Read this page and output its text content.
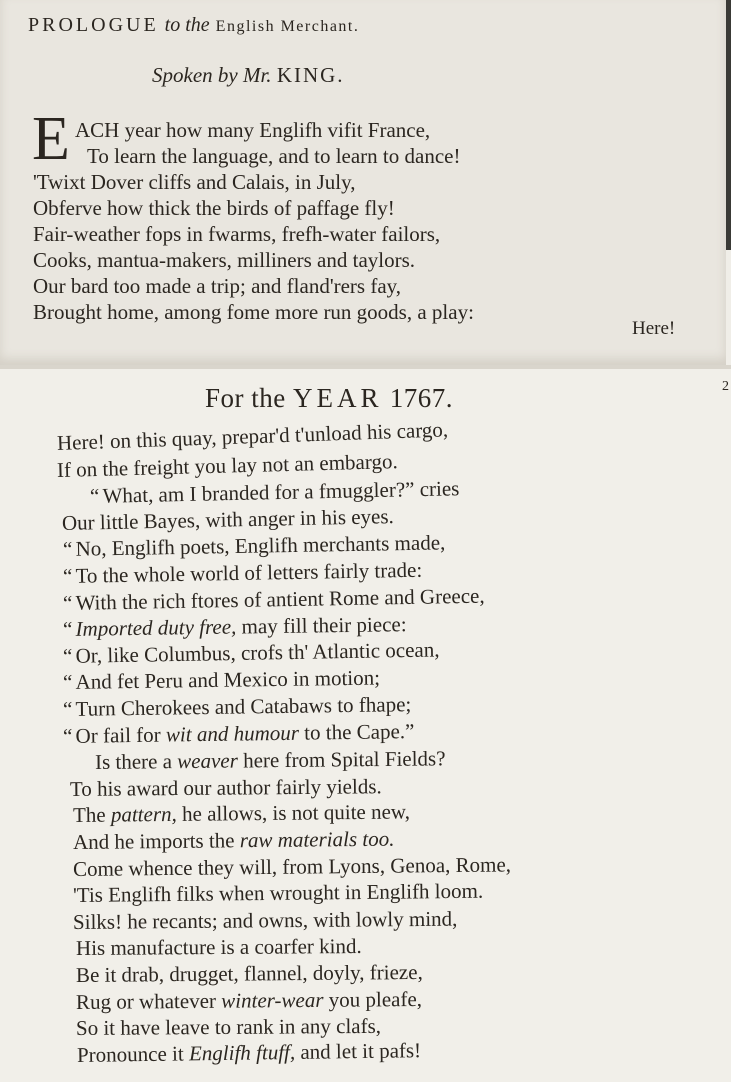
PROLOGUE to the English Merchant.
Spoken by Mr. KING.
E ACH year how many Englifh vifit France,
To learn the language, and to learn to dance!
'Twixt Dover cliffs and Calais, in July,
Obferve how thick the birds of paffage fly!
Fair-weather fops in fwarms, frefh-water failors,
Cooks, mantua-makers, milliners and taylors.
Our bard too made a trip; and fland'rers fay,
Brought home, among fome more run goods, a play:
Here!
For the YEAR 1767.	2
Here! on this quay, prepar'd t'unload his cargo,
If on the freight you lay not an embargo.
“ What, am I branded for a fmuggler?” cries
Our little Bayes, with anger in his eyes.
“ No, Englifh poets, Englifh merchants made,
“ To the whole world of letters fairly trade:
“ With the rich ftores of antient Rome and Greece,
“ Imported duty free, may fill their piece:
“ Or, like Columbus, crofs th' Atlantic ocean,
“ And fet Peru and Mexico in motion;
“ Turn Cherokees and Catabaws to fhape;
“ Or fail for wit and humour to the Cape.”
Is there a weaver here from Spital Fields?
To his award our author fairly yields.
The pattern, he allows, is not quite new,
And he imports the raw materials too.
Come whence they will, from Lyons, Genoa, Rome,
'Tis Englifh filks when wrought in Englifh loom.
Silks! he recants; and owns, with lowly mind,
His manufacture is a coarfer kind.
Be it drab, drugget, flannel, doyly, frieze,
Rug or whatever winter-wear you pleafe,
So it have leave to rank in any clafs,
Pronounce it Englifh ftuff, and let it pafs!
